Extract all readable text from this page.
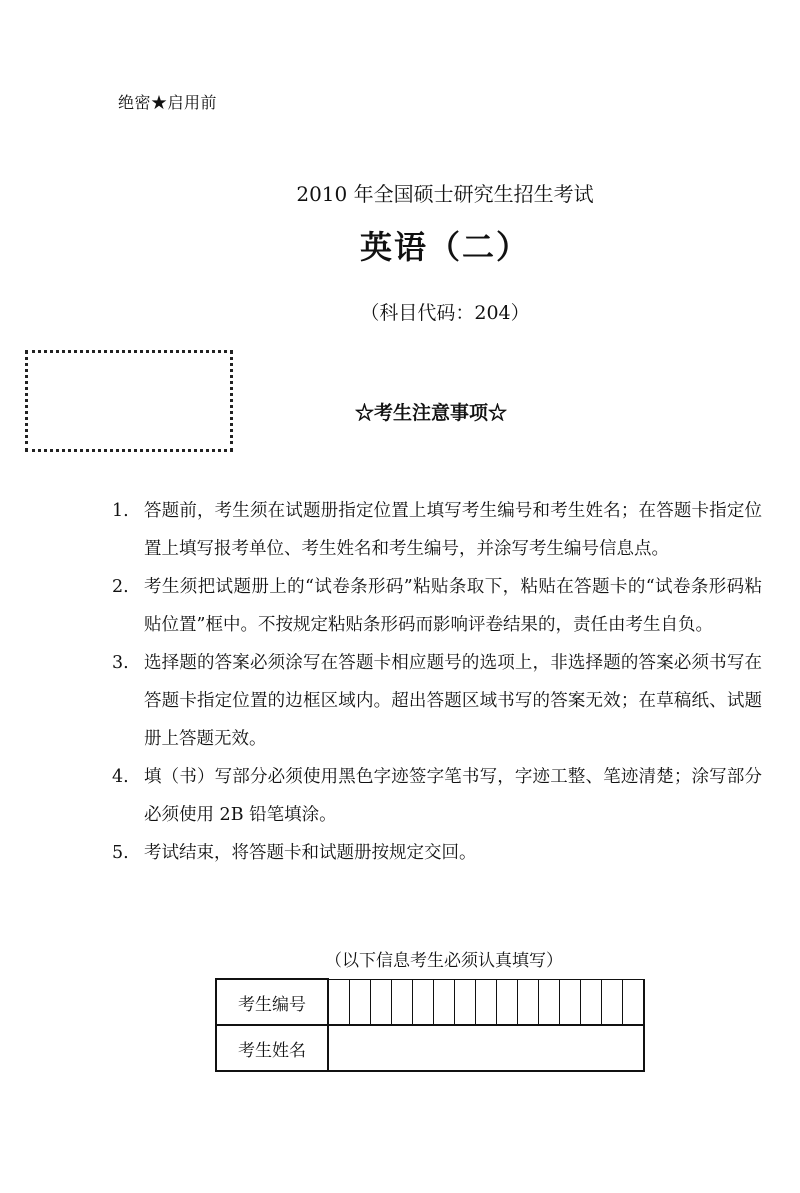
绝密★启用前
2010 年全国硕士研究生招生考试
英语（二）
（科目代码：204）
☆考生注意事项☆
1. 答题前，考生须在试题册指定位置上填写考生编号和考生姓名；在答题卡指定位置上填写报考单位、考生姓名和考生编号，并涂写考生编号信息点。
2. 考生须把试题册上的“试卷条形码”粘贴条取下，粘贴在答题卡的“试卷条形码粘贴位置”框中。不按规定粘贴条形码而影响评卷结果的，责任由考生自负。
3. 选择题的答案必须涂写在答题卡相应题号的选项上，非选择题的答案必须书写在答题卡指定位置的边框区域内。超出答题区域书写的答案无效；在草稿纸、试题册上答题无效。
4. 填（书）写部分必须使用黑色字迹签字笔书写，字迹工整、笔迹清楚；涂写部分必须使用 2B 铅笔填涂。
5. 考试结束，将答题卡和试题册按规定交回。
（以下信息考生必须认真填写）
考生编号															
考生姓名															
